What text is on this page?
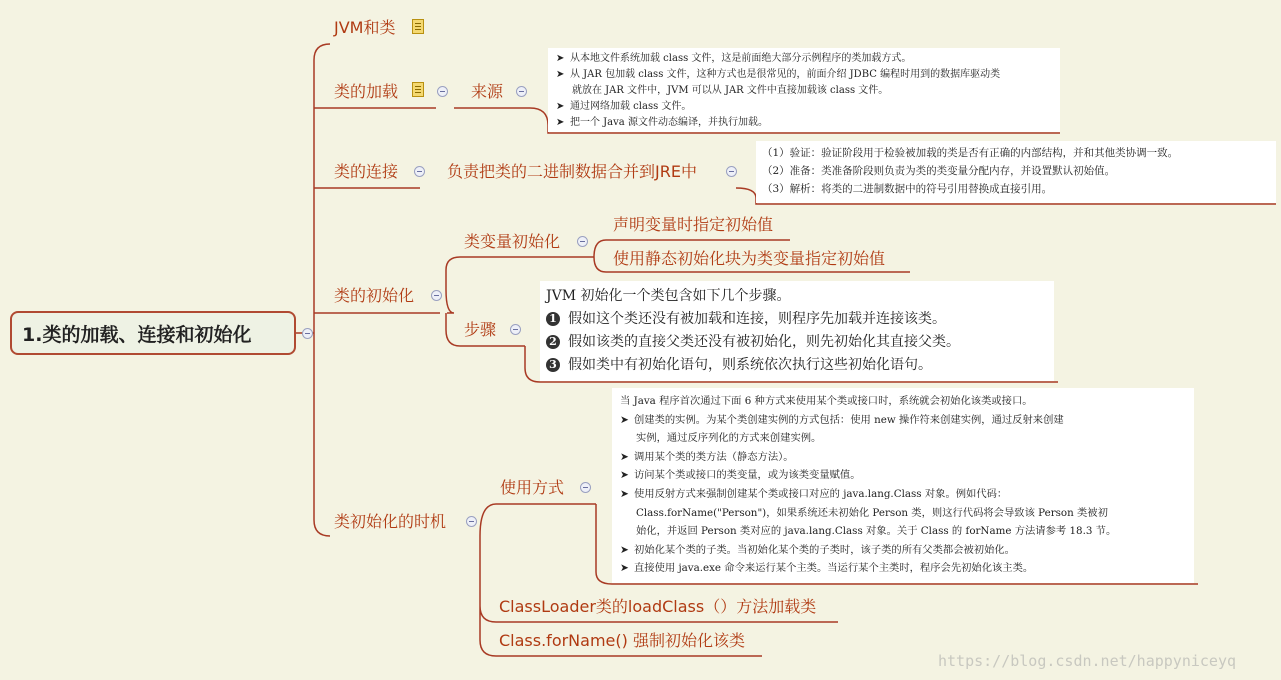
1.类的加载、连接和初始化
JVM和类
类的加载	来源
类的连接	负责把类的二进制数据合并到JRE中
类的初始化
类变量初始化
声明变量时指定初始值
使用静态初始化块为类变量指定初始值
步骤
类初始化的时机
使用方式
ClassLoader类的loadClass（）方法加载类
Class.forName() 强制初始化该类
➤ 从本地文件系统加载 class 文件，这是前面绝大部分示例程序的类加载方式。
➤ 从 JAR 包加载 class 文件，这种方式也是很常见的，前面介绍 JDBC 编程时用到的数据库驱动类
就放在 JAR 文件中，JVM 可以从 JAR 文件中直接加载该 class 文件。
➤ 通过网络加载 class 文件。
➤ 把一个 Java 源文件动态编译，并执行加载。
（1）验证：验证阶段用于检验被加载的类是否有正确的内部结构，并和其他类协调一致。
（2）准备：类准备阶段则负责为类的类变量分配内存，并设置默认初始值。
（3）解析：将类的二进制数据中的符号引用替换成直接引用。
JVM 初始化一个类包含如下几个步骤。
1 假如这个类还没有被加载和连接，则程序先加载并连接该类。
2 假如该类的直接父类还没有被初始化，则先初始化其直接父类。
3 假如类中有初始化语句，则系统依次执行这些初始化语句。
当 Java 程序首次通过下面 6 种方式来使用某个类或接口时，系统就会初始化该类或接口。
➤ 创建类的实例。为某个类创建实例的方式包括：使用 new 操作符来创建实例，通过反射来创建
实例，通过反序列化的方式来创建实例。
➤ 调用某个类的类方法（静态方法）。
➤ 访问某个类或接口的类变量，或为该类变量赋值。
➤ 使用反射方式来强制创建某个类或接口对应的 java.lang.Class 对象。例如代码：
Class.forName("Person")，如果系统还未初始化 Person 类，则这行代码将会导致该 Person 类被初
始化，并返回 Person 类对应的 java.lang.Class 对象。关于 Class 的 forName 方法请参考 18.3 节。
➤ 初始化某个类的子类。当初始化某个类的子类时，该子类的所有父类都会被初始化。
➤ 直接使用 java.exe 命令来运行某个主类。当运行某个主类时，程序会先初始化该主类。
https://blog.csdn.net/happyniceyq
